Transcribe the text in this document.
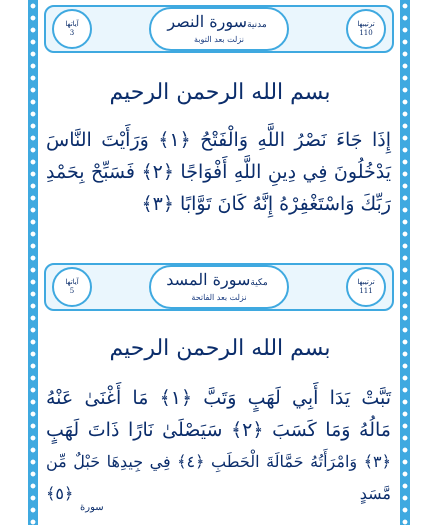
آياتها
3
مدنيةسورة النصر
نزلت بعد التوبة
ترتيبها
110
بسم الله الرحمن الرحيم
إِذَا جَاءَ نَصْرُ اللَّهِ وَالْفَتْحُ ﴿١﴾ وَرَأَيْتَ النَّاسَ
يَدْخُلُونَ فِي دِينِ اللَّهِ أَفْوَاجًا ﴿٢﴾ فَسَبِّحْ بِحَمْدِ
رَبِّكَ وَاسْتَغْفِرْهُ إِنَّهُ كَانَ تَوَّابًا ﴿٣﴾
آياتها
5
مكيةسورة المسد
نزلت بعد الفاتحة
ترتيبها
111
بسم الله الرحمن الرحيم
تَبَّتْ يَدَا أَبِي لَهَبٍ وَتَبَّ ﴿١﴾ مَا أَغْنَىٰ عَنْهُ
مَالُهُ وَمَا كَسَبَ ﴿٢﴾ سَيَصْلَىٰ نَارًا ذَاتَ لَهَبٍ
﴿٣﴾ وَامْرَأَتُهُ حَمَّالَةَ الْحَطَبِ ﴿٤﴾ فِي جِيدِهَا حَبْلٌ مِّن مَّسَدٍ ﴿٥﴾
سورة
